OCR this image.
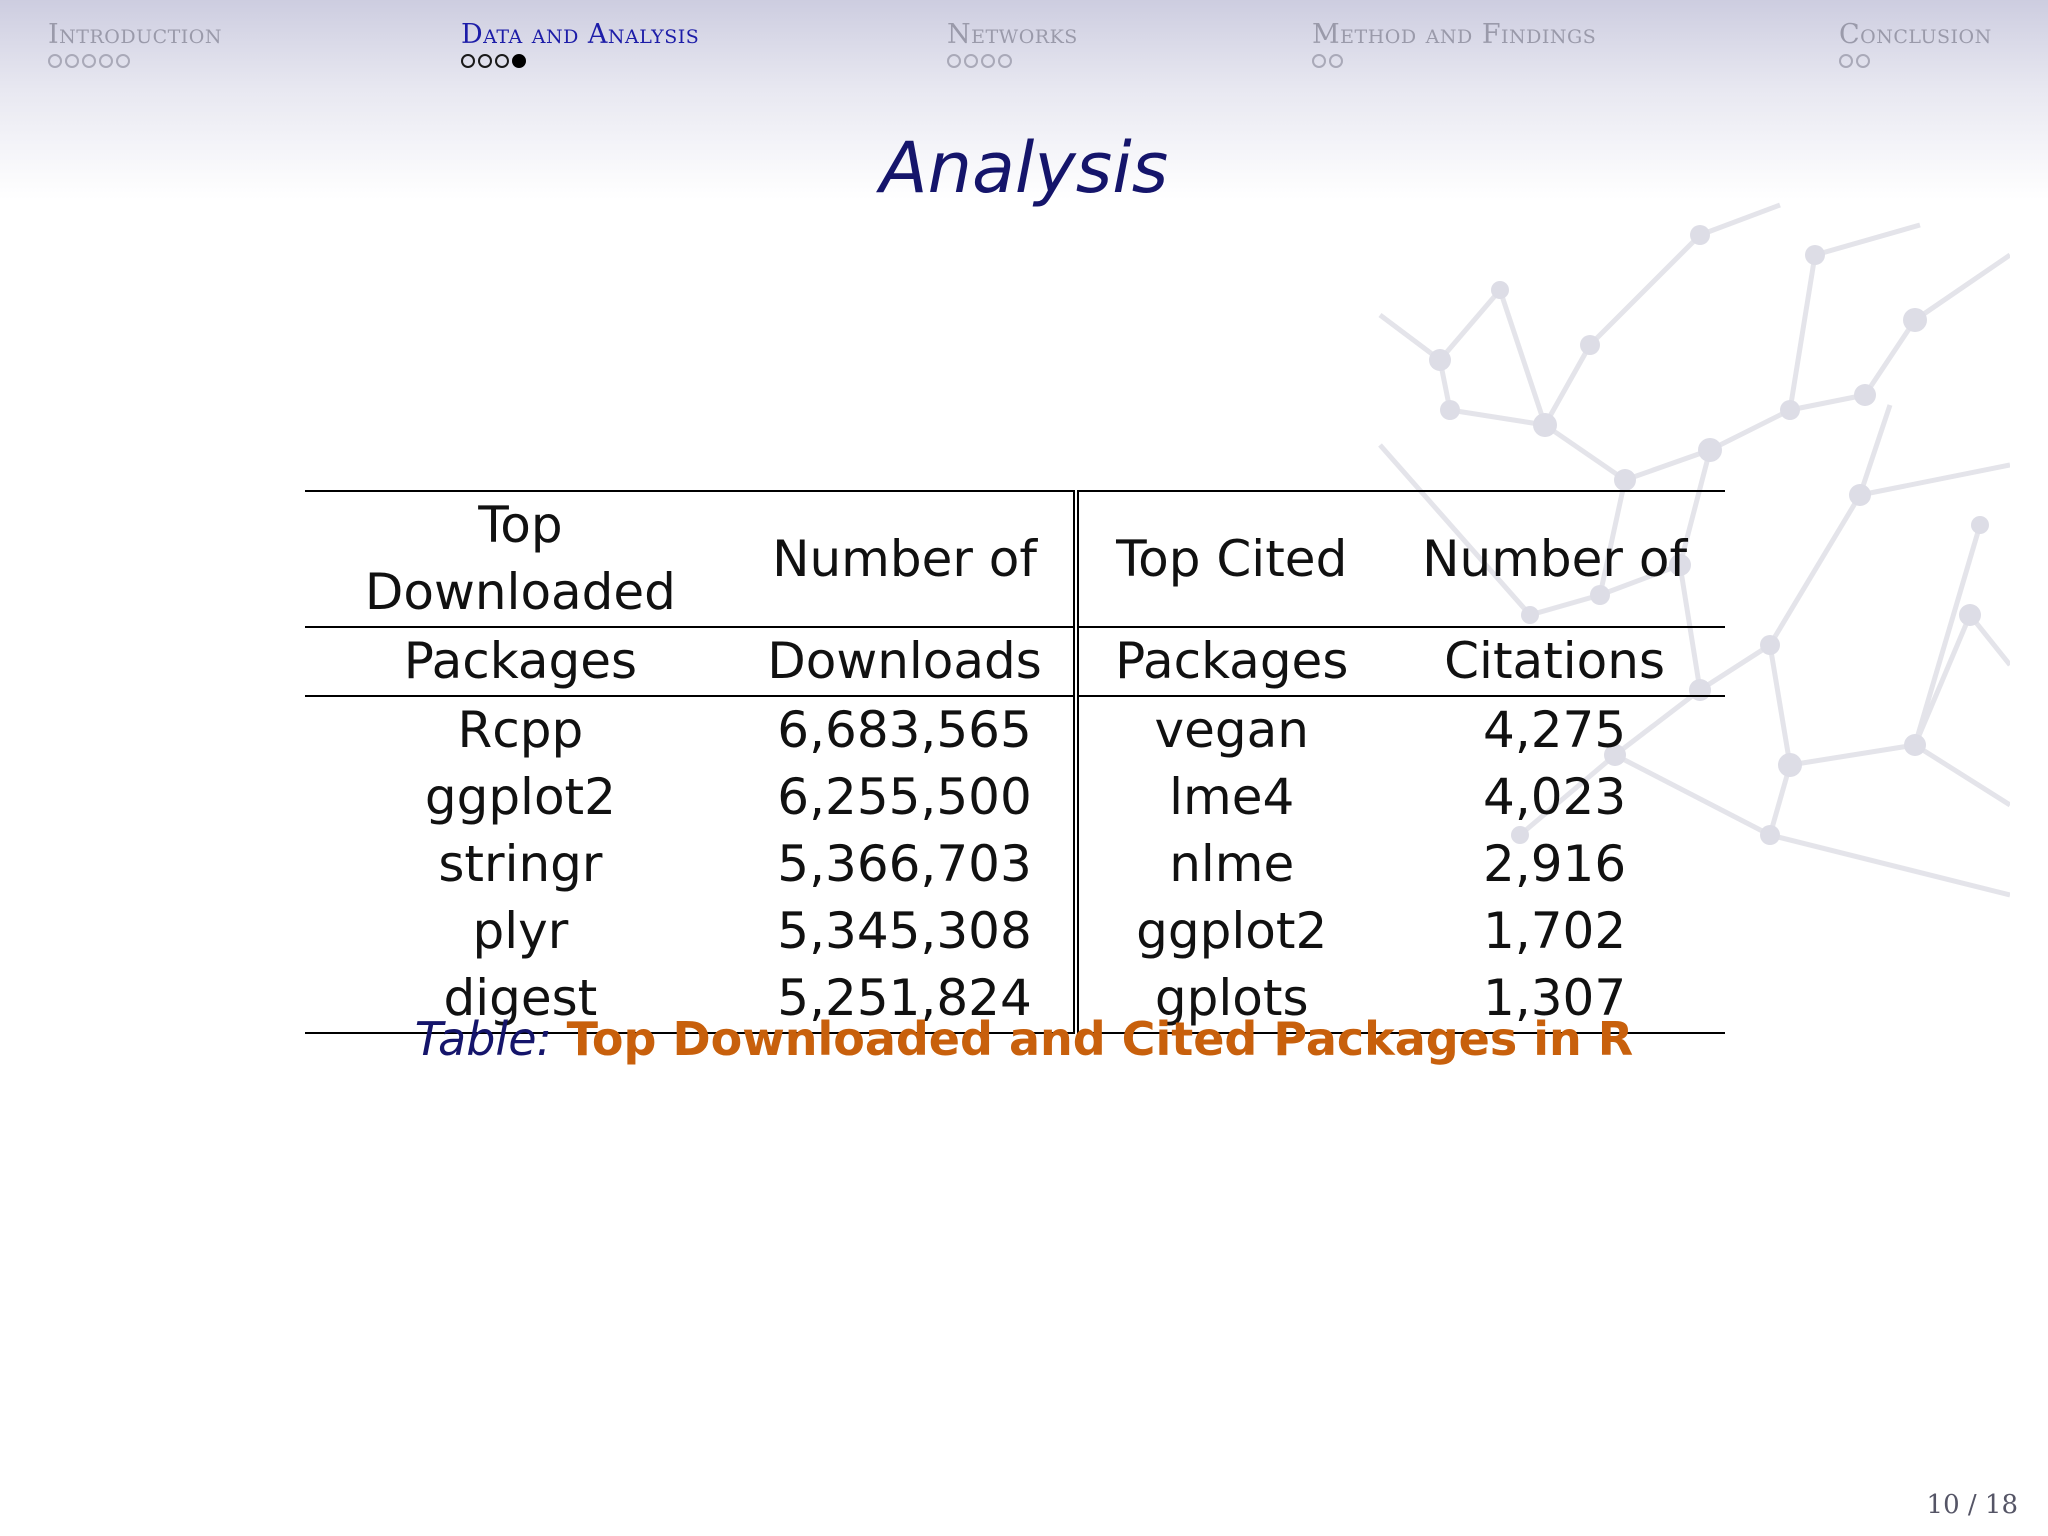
Introduction	Data and Analysis	Networks	Method and Findings	Conclusion
Analysis
Top Downloaded	Number of	Top Cited	Number of
Packages	Downloads	Packages	Citations
Rcpp	6,683,565	vegan	4,275
ggplot2	6,255,500	lme4	4,023
stringr	5,366,703	nlme	2,916
plyr	5,345,308	ggplot2	1,702
digest	5,251,824	gplots	1,307
Table: Top Downloaded and Cited Packages in R
10 / 18
